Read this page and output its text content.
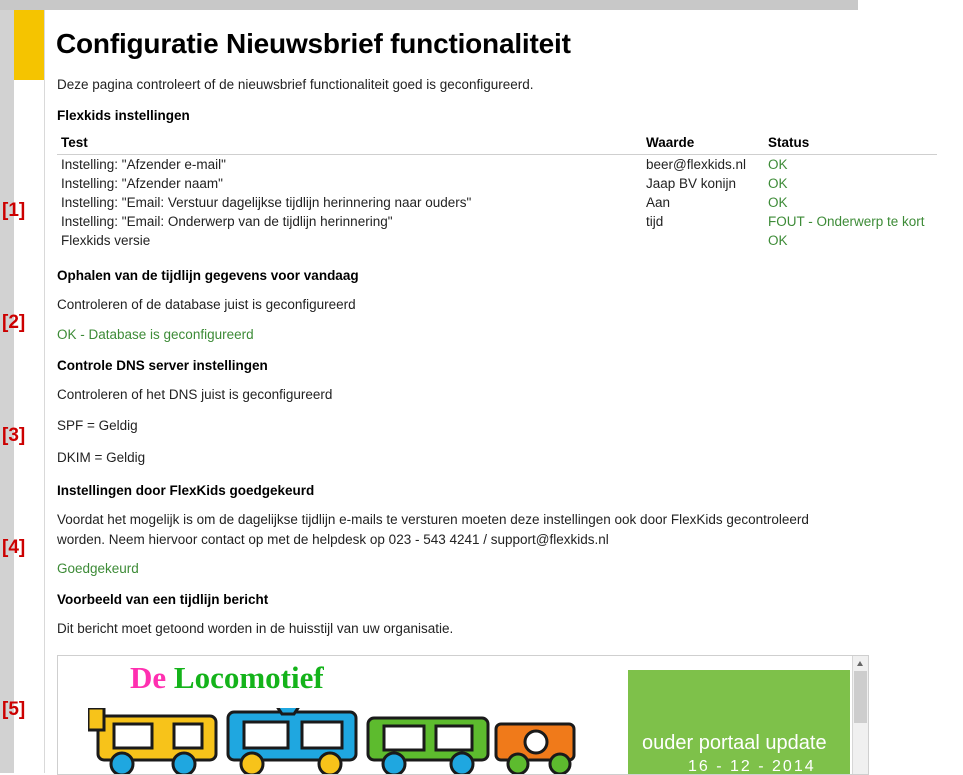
[1]
[2]
[3]
[4]
[5]
Configuratie Nieuwsbrief functionaliteit

Deze pagina controleert of de nieuwsbrief functionaliteit goed is geconfigureerd.

Flexkids instellingen
Test	Waarde	Status
Instelling: "Afzender e-mail"	beer@flexkids.nl	OK
Instelling: "Afzender naam"	Jaap BV konijn	OK
Instelling: "Email: Verstuur dagelijkse tijdlijn herinnering naar ouders"	Aan	OK
Instelling: "Email: Onderwerp van de tijdlijn herinnering"	tijd	FOUT - Onderwerp te kort
Flexkids versie		OK
Ophalen van de tijdlijn gegevens voor vandaag

Controleren of de database juist is geconfigureerd

OK - Database is geconfigureerd

Controle DNS server instellingen

Controleren of het DNS juist is geconfigureerd

SPF = Geldig

DKIM = Geldig

Instellingen door FlexKids goedgekeurd

Voordat het mogelijk is om de dagelijkse tijdlijn e-mails te versturen moeten deze instellingen ook door FlexKids gecontroleerd worden. Neem hiervoor contact op met de helpdesk op 023 - 543 4241 / support@flexkids.nl

Goedgekeurd

Voorbeeld van een tijdlijn bericht

Dit bericht moet getoond worden in de huisstijl van uw organisatie.

De Locomotief
ouder portaal update
16 - 12 - 2014
